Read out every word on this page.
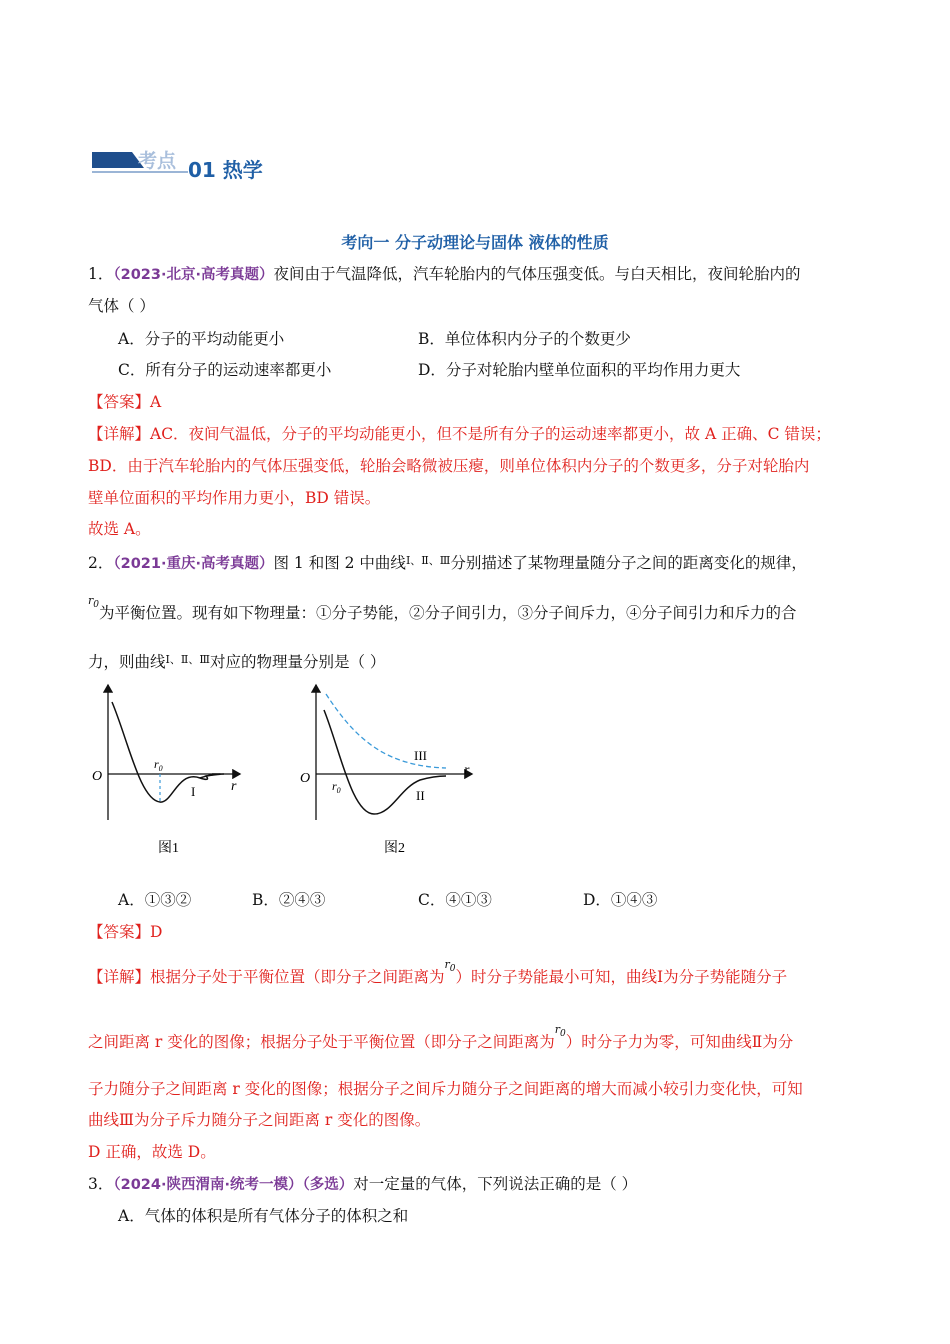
考点 01 热学
考向一 分子动理论与固体 液体的性质
1．（2023·北京·高考真题）夜间由于气温降低，汽车轮胎内的气体压强变低。与白天相比，夜间轮胎内的
气体（ ）
A．分子的平均动能更小	B．单位体积内分子的个数更少
C．所有分子的运动速率都更小	D．分子对轮胎内壁单位面积的平均作用力更大
【答案】A
【详解】AC．夜间气温低，分子的平均动能更小，但不是所有分子的运动速率都更小，故 A 正确、C 错误；
BD．由于汽车轮胎内的气体压强变低，轮胎会略微被压瘪，则单位体积内分子的个数更多，分子对轮胎内
壁单位面积的平均作用力更小，BD 错误。
故选 A。
2．（2021·重庆·高考真题）图 1 和图 2 中曲线$^{Ⅰ、Ⅱ、Ⅲ}$分别描述了某物理量随分子之间的距离变化的规律，
$^{r_0}$为平衡位置。现有如下物理量：①分子势能，②分子间引力，③分子间斥力，④分子间引力和斥力的合
力，则曲线$^{Ⅰ、Ⅱ、Ⅲ}$对应的物理量分别是（ ）
O
$r_0$
r
I
图1
O $r_0$
r
III
II
图2
A．①③②	B．②④③	C．④①③	D．①④③
【答案】D
【详解】根据分子处于平衡位置（即分子之间距离为$^{r_0}$）时分子势能最小可知，曲线Ⅰ为分子势能随分子
之间距离 r 变化的图像；根据分子处于平衡位置（即分子之间距离为$^{r_0}$）时分子力为零，可知曲线Ⅱ为分
子力随分子之间距离 r 变化的图像；根据分子之间斥力随分子之间距离的增大而减小较引力变化快，可知
曲线Ⅲ为分子斥力随分子之间距离 r 变化的图像。
D 正确，故选 D。
3．（2024·陕西渭南·统考一模）（多选）对一定量的气体，下列说法正确的是（ ）
A．气体的体积是所有气体分子的体积之和
